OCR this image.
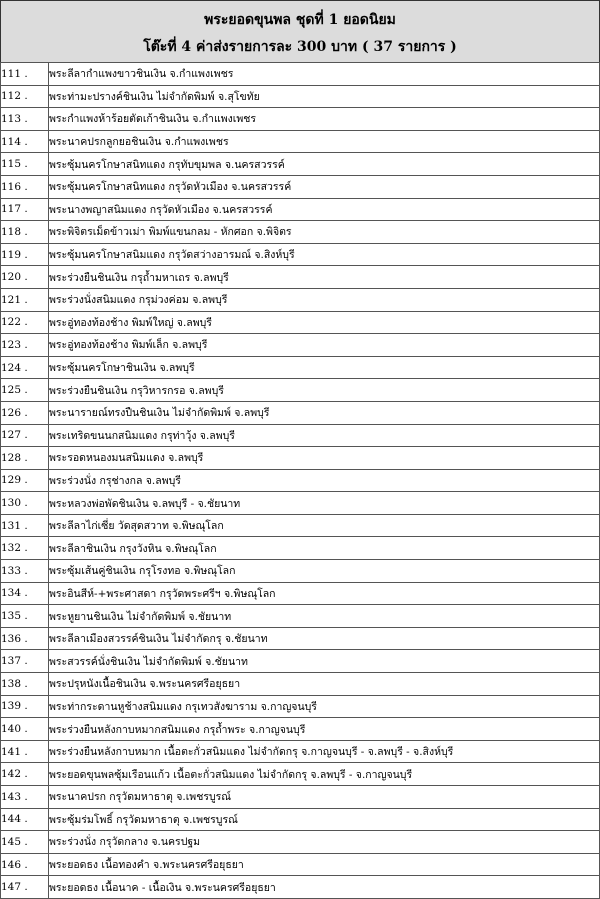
พระยอดขุนพล ชุดที่ 1 ยอดนิยม
โต๊ะที่ 4 ค่าส่งรายการละ 300 บาท ( 37 รายการ )
111 .	พระลีลากำแพงขาวชินเงิน จ.กำแพงเพชร
112 .	พระท่ามะปรางค์ชินเงิน ไม่จำกัดพิมพ์ จ.สุโขทัย
113 .	พระกำแพงห้าร้อยตัดเก้าชินเงิน จ.กำแพงเพชร
114 .	พระนาคปรกลูกยอชินเงิน จ.กำแพงเพชร
115 .	พระซุ้มนครโกษาสนิทแดง กรุทับขุมพล จ.นครสวรรค์
116 .	พระซุ้มนครโกษาสนิทแดง กรุวัดหัวเมือง จ.นครสวรรค์
117 .	พระนางพญาสนิมแดง กรุวัดหัวเมือง จ.นครสวรรค์
118 .	พระพิจิตรเม็ดข้าวเม่า พิมพ์แขนกลม - หักศอก จ.พิจิตร
119 .	พระซุ้มนครโกษาสนิมแดง กรุวัดสว่างอารมณ์ จ.สิงห์บุรี
120 .	พระร่วงยืนชินเงิน กรุถ้ำมหาเถร จ.ลพบุรี
121 .	พระร่วงนั่งสนิมแดง กรุม่วงค่อม จ.ลพบุรี
122 .	พระอู่ทองท้องช้าง พิมพ์ใหญ่ จ.ลพบุรี
123 .	พระอู่ทองท้องช้าง พิมพ์เล็ก จ.ลพบุรี
124 .	พระซุ้มนครโกษาชินเงิน จ.ลพบุรี
125 .	พระร่วงยืนชินเงิน กรุวิหารกรอ จ.ลพบุรี
126 .	พระนารายณ์ทรงปืนชินเงิน ไม่จำกัดพิมพ์ จ.ลพบุรี
127 .	พระเทริดขนนกสนิมแดง กรุท่าวุ้ง จ.ลพบุรี
128 .	พระรอดหนองมนสนิมแดง จ.ลพบุรี
129 .	พระร่วงนั่ง กรุช่างกล จ.ลพบุรี
130 .	พระหลวงพ่อพัดชินเงิน จ.ลพบุรี - จ.ชัยนาท
131 .	พระลีลาไก่เซี่ย วัดสุดสวาท จ.พิษณุโลก
132 .	พระลีลาชินเงิน กรุงวังหิน จ.พิษณุโลก
133 .	พระซุ้มเส้นคู่ชินเงิน กรุโรงทอ จ.พิษณุโลก
134 .	พระอินสีห์-+พระศาสดา กรุวัดพระศรีฯ จ.พิษณุโลก
135 .	พระหูยานชินเงิน ไม่จำกัดพิมพ์ จ.ชัยนาท
136 .	พระลีลาเมืองสวรรค์ชินเงิน ไม่จำกัดกรุ จ.ชัยนาท
137 .	พระสวรรค์นั่งชินเงิน ไม่จำกัดพิมพ์ จ.ชัยนาท
138 .	พระปรุหนังเนื้อชินเงิน จ.พระนครศรีอยุธยา
139 .	พระท่ากระดานหูช้างสนิมแดง กรุเทวสังฆาราม จ.กาญจนบุรี
140 .	พระร่วงยืนหลังกาบหมากสนิมแดง กรุถ้ำพระ จ.กาญจนบุรี
141 .	พระร่วงยืนหลังกาบหมาก เนื้อตะกั่วสนิมแดง ไม่จำกัดกรุ จ.กาญจนบุรี - จ.ลพบุรี - จ.สิงห์บุรี
142 .	พระยอดขุนพลซุ้มเรือนแก้ว เนื้อตะกั่วสนิมแดง ไม่จำกัดกรุ จ.ลพบุรี - จ.กาญจนบุรี
143 .	พระนาคปรก กรุวัดมหาธาตุ จ.เพชรบูรณ์
144 .	พระซุ้มร่มโพธิ์ กรุวัดมหาธาตุ จ.เพชรบูรณ์
145 .	พระร่วงนั่ง กรุวัดกลาง จ.นครปฐม
146 .	พระยอดธง เนื้อทองคำ จ.พระนครศรีอยุธยา
147 .	พระยอดธง เนื้อนาค - เนื้อเงิน จ.พระนครศรีอยุธยา
